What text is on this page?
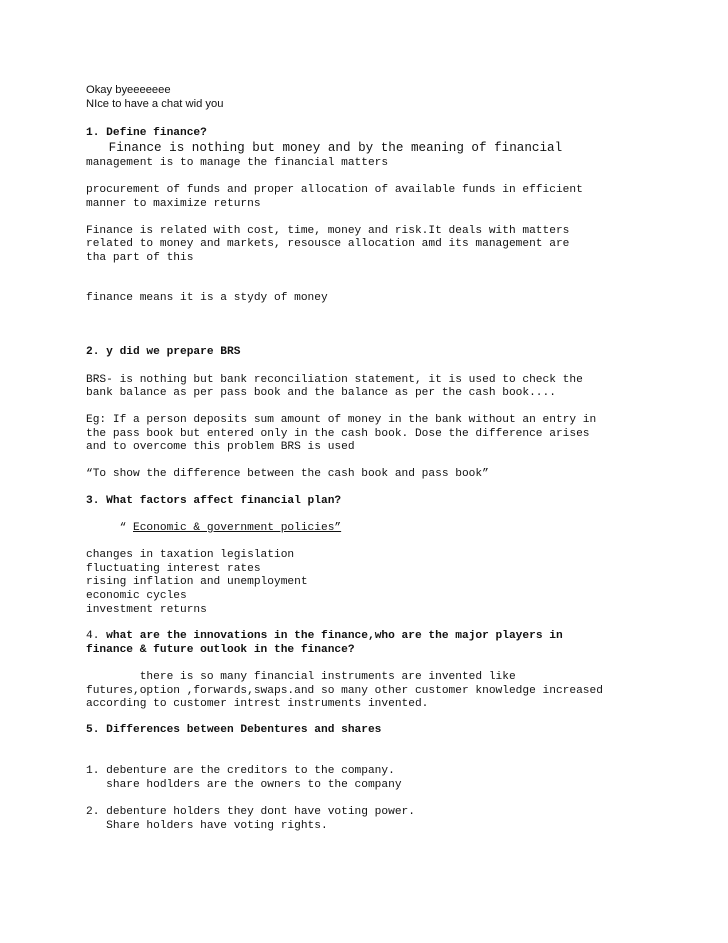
Okay byeeeeeee

NIce to have a chat wid you

1. Define finance?

Finance is nothing but money and by the meaning of financial

management is to manage the financial matters

procurement of funds and proper allocation of available funds in efficient

manner to maximize returns

Finance is related with cost, time, money and risk.It deals with matters

related to money and markets, resousce allocation amd its management are

tha part of this

finance means it is a stydy of money

2. y did we prepare BRS

BRS- is nothing but bank reconciliation statement, it is used to check the

bank balance as per pass book and the balance as per the cash book....

Eg: If a person deposits sum amount of money in the bank without an entry in

the pass book but entered only in the cash book. Dose the difference arises

and to overcome this problem BRS is used

“To show the difference between the cash book and pass book”

3. What factors affect financial plan?

“ Economic & government policies”

changes in taxation legislation

fluctuating interest rates

rising inflation and unemployment

economic cycles

investment returns

4. what are the innovations in the finance,who are the major players in

finance & future outlook in the finance?

there is so many financial instruments are invented like

futures,option ,forwards,swaps.and so many other customer knowledge increased

according to customer intrest instruments invented.

5. Differences between Debentures and shares

1. debenture are the creditors to the company.

share hodlders are the owners to the company

2. debenture holders they dont have voting power.

Share holders have voting rights.
